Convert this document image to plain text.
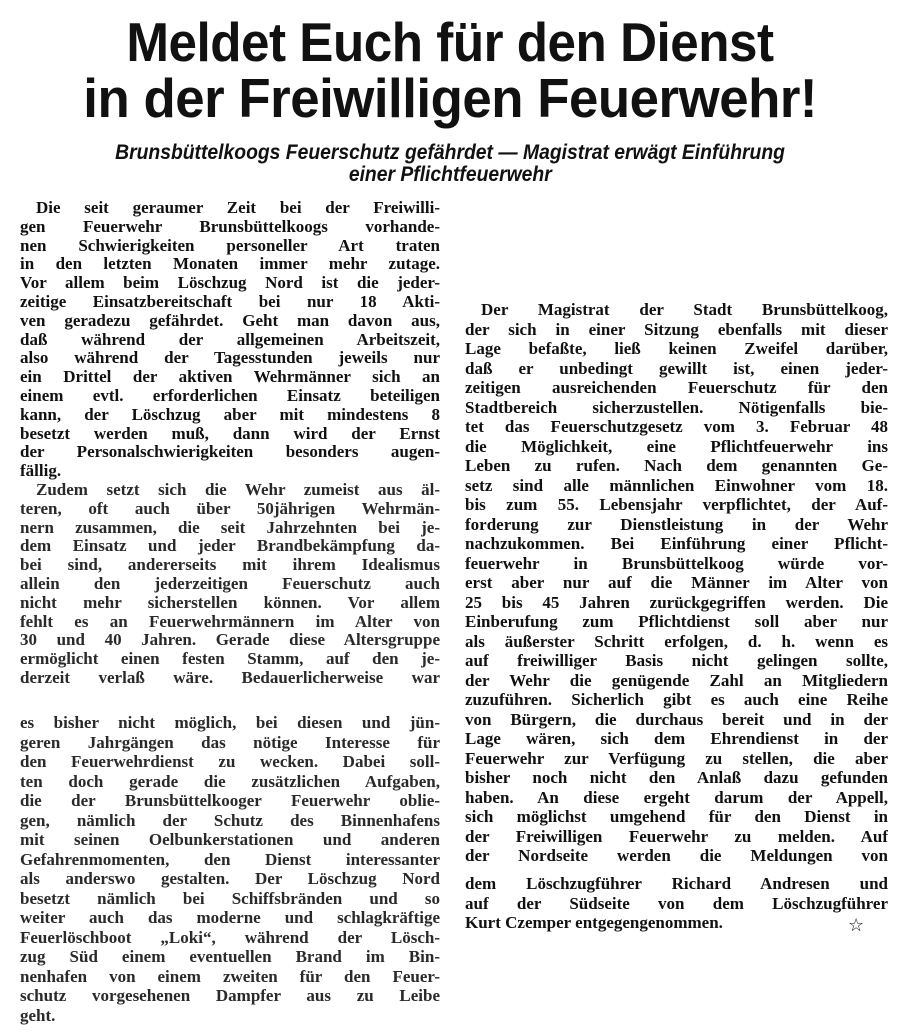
Meldet Euch für den Dienst
in der Freiwilligen Feuerwehr!
Brunsbüttelkoogs Feuerschutz gefährdet — Magistrat erwägt Einführung
einer Pflichtfeuerwehr
Die seit geraumer Zeit bei der Freiwilli-
gen Feuerwehr Brunsbüttelkoogs vorhande-
nen Schwierigkeiten personeller Art traten
in den letzten Monaten immer mehr zutage.
Vor allem beim Löschzug Nord ist die jeder-
zeitige Einsatzbereitschaft bei nur 18 Akti-
ven geradezu gefährdet. Geht man davon aus,
daß während der allgemeinen Arbeitszeit,
also während der Tagesstunden jeweils nur
ein Drittel der aktiven Wehrmänner sich an
einem evtl. erforderlichen Einsatz beteiligen
kann, der Löschzug aber mit mindestens 8
besetzt werden muß, dann wird der Ernst
der Personalschwierigkeiten besonders augen-
fällig.
Zudem setzt sich die Wehr zumeist aus äl-
teren, oft auch über 50jährigen Wehrmän-
nern zusammen, die seit Jahrzehnten bei je-
dem Einsatz und jeder Brandbekämpfung da-
bei sind, andererseits mit ihrem Idealismus
allein den jederzeitigen Feuerschutz auch
nicht mehr sicherstellen können. Vor allem
fehlt es an Feuerwehrmännern im Alter von
30 und 40 Jahren. Gerade diese Altersgruppe
ermöglicht einen festen Stamm, auf den je-
derzeit verlaß wäre. Bedauerlicherweise war
es bisher nicht möglich, bei diesen und jün-
geren Jahrgängen das nötige Interesse für
den Feuerwehrdienst zu wecken. Dabei soll-
ten doch gerade die zusätzlichen Aufgaben,
die der Brunsbüttelkooger Feuerwehr oblie-
gen, nämlich der Schutz des Binnenhafens
mit seinen Oelbunkerstationen und anderen
Gefahrenmomenten, den Dienst interessanter
als anderswo gestalten. Der Löschzug Nord
besetzt nämlich bei Schiffsbränden und so
weiter auch das moderne und schlagkräftige
Feuerlöschboot „Loki“, während der Lösch-
zug Süd einem eventuellen Brand im Bin-
nenhafen von einem zweiten für den Feuer-
schutz vorgesehenen Dampfer aus zu Leibe
geht.
Der Magistrat der Stadt Brunsbüttelkoog,
der sich in einer Sitzung ebenfalls mit dieser
Lage befaßte, ließ keinen Zweifel darüber,
daß er unbedingt gewillt ist, einen jeder-
zeitigen ausreichenden Feuerschutz für den
Stadtbereich sicherzustellen. Nötigenfalls bie-
tet das Feuerschutzgesetz vom 3. Februar 48
die Möglichkeit, eine Pflichtfeuerwehr ins
Leben zu rufen. Nach dem genannten Ge-
setz sind alle männlichen Einwohner vom 18.
bis zum 55. Lebensjahr verpflichtet, der Auf-
forderung zur Dienstleistung in der Wehr
nachzukommen. Bei Einführung einer Pflicht-
feuerwehr in Brunsbüttelkoog würde vor-
erst aber nur auf die Männer im Alter von
25 bis 45 Jahren zurückgegriffen werden. Die
Einberufung zum Pflichtdienst soll aber nur
als äußerster Schritt erfolgen, d. h. wenn es
auf freiwilliger Basis nicht gelingen sollte,
der Wehr die genügende Zahl an Mitgliedern
zuzuführen. Sicherlich gibt es auch eine Reihe
von Bürgern, die durchaus bereit und in der
Lage wären, sich dem Ehrendienst in der
Feuerwehr zur Verfügung zu stellen, die aber
bisher noch nicht den Anlaß dazu gefunden
haben. An diese ergeht darum der Appell,
sich möglichst umgehend für den Dienst in
der Freiwilligen Feuerwehr zu melden. Auf
der Nordseite werden die Meldungen von
dem Löschzugführer Richard Andresen und
auf der Südseite von dem Löschzugführer
Kurt Czemper entgegengenommen.	☆
